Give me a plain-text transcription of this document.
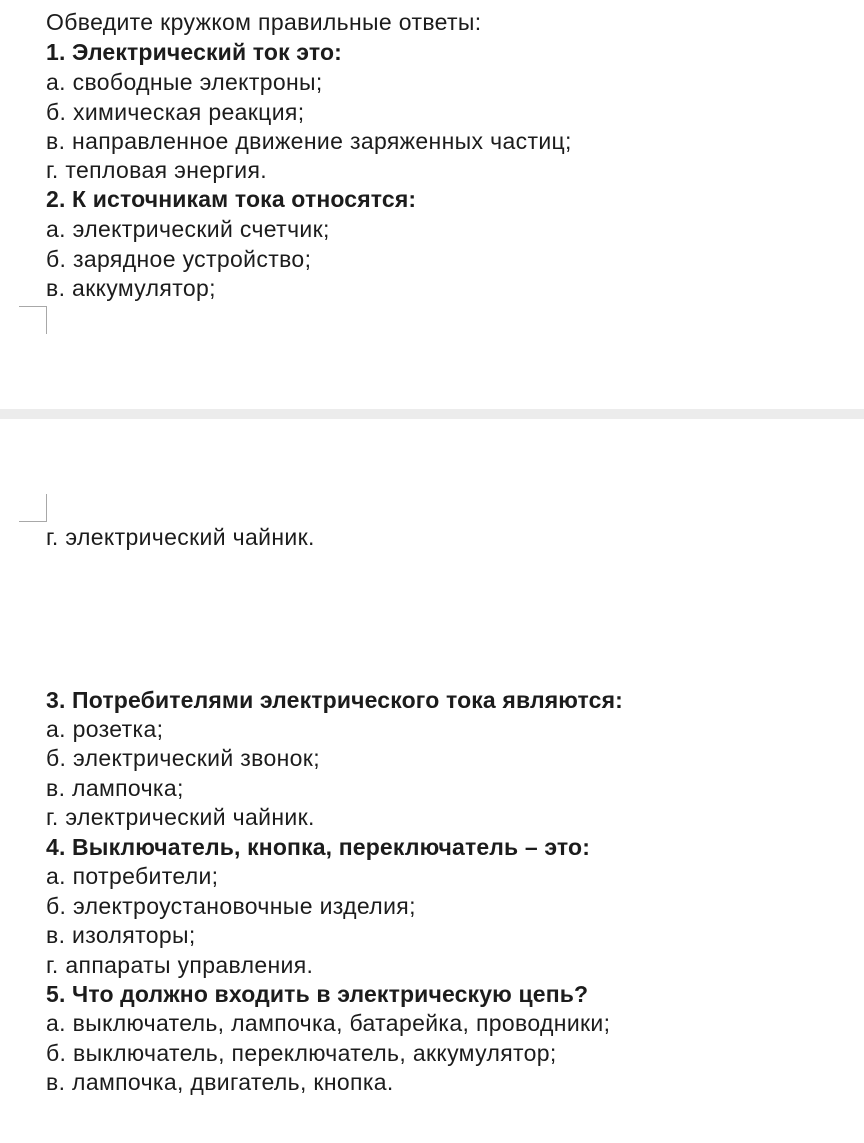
Обведите кружком правильные ответы:
1. Электрический ток это:
а. свободные электроны;
б. химическая реакция;
в. направленное движение заряженных частиц;
г. тепловая энергия.
2. К источникам тока относятся:
а. электрический счетчик;
б. зарядное устройство;
в. аккумулятор;
г. электрический чайник.
3. Потребителями электрического тока являются:
а. розетка;
б. электрический звонок;
в. лампочка;
г. электрический чайник.
4. Выключатель, кнопка, переключатель – это:
а. потребители;
б. электроустановочные изделия;
в. изоляторы;
г. аппараты управления.
5. Что должно входить в электрическую цепь?
а. выключатель, лампочка, батарейка, проводники;
б. выключатель, переключатель, аккумулятор;
в. лампочка, двигатель, кнопка.
